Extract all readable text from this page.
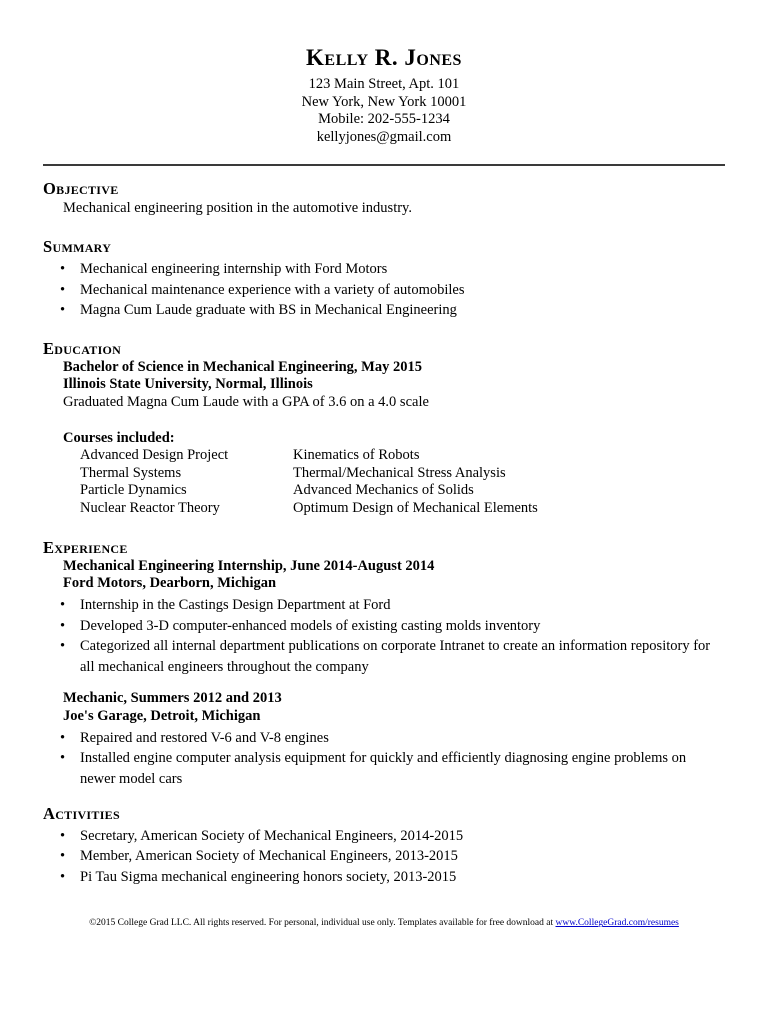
Kelly R. Jones
123 Main Street, Apt. 101
New York, New York 10001
Mobile: 202-555-1234
kellyjones@gmail.com
Objective
Mechanical engineering position in the automotive industry.
Summary
• Mechanical engineering internship with Ford Motors
• Mechanical maintenance experience with a variety of automobiles
• Magna Cum Laude graduate with BS in Mechanical Engineering
Education
Bachelor of Science in Mechanical Engineering, May 2015
Illinois State University, Normal, Illinois
Graduated Magna Cum Laude with a GPA of 3.6 on a 4.0 scale
Courses included:
Advanced Design Project	Kinematics of Robots
Thermal Systems	Thermal/Mechanical Stress Analysis
Particle Dynamics	Advanced Mechanics of Solids
Nuclear Reactor Theory	Optimum Design of Mechanical Elements
Experience
Mechanical Engineering Internship, June 2014-August 2014
Ford Motors, Dearborn, Michigan
• Internship in the Castings Design Department at Ford
• Developed 3-D computer-enhanced models of existing casting molds inventory
• Categorized all internal department publications on corporate Intranet to create an information repository for all mechanical engineers throughout the company
Mechanic, Summers 2012 and 2013
Joe's Garage, Detroit, Michigan
• Repaired and restored V-6 and V-8 engines
• Installed engine computer analysis equipment for quickly and efficiently diagnosing engine problems on newer model cars
Activities
• Secretary, American Society of Mechanical Engineers, 2014-2015
• Member, American Society of Mechanical Engineers, 2013-2015
• Pi Tau Sigma mechanical engineering honors society, 2013-2015
©2015 College Grad LLC. All rights reserved. For personal, individual use only. Templates available for free download at www.CollegeGrad.com/resumes
